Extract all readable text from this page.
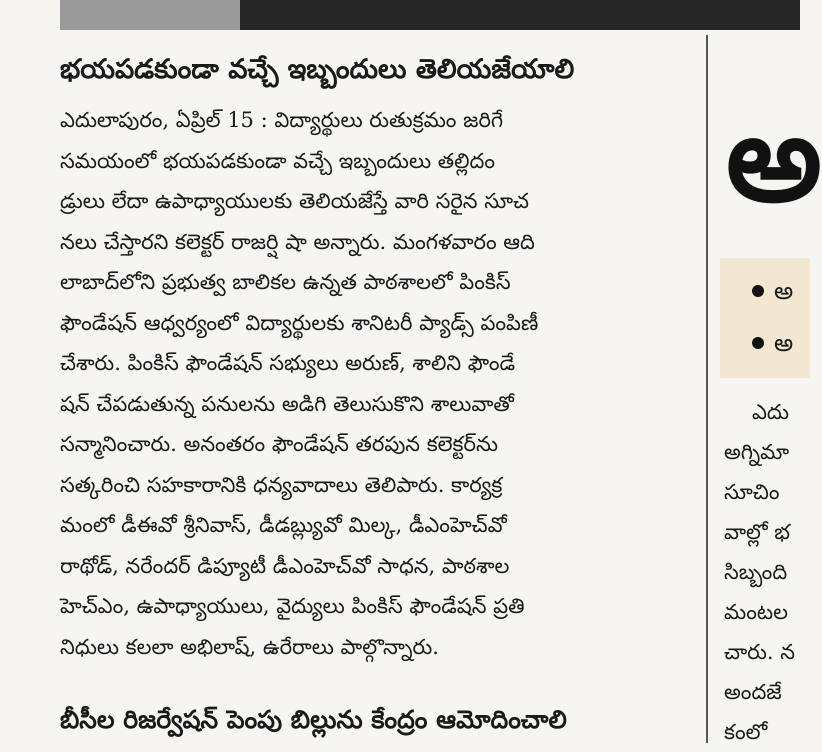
భయపడకుండా వచ్చే ఇబ్బందులు తెలియజేయాలి
ఎదులాపురం, ఏప్రిల్ 15 : విద్యార్థులు రుతుక్రమం జరిగే
సమయంలో భయపడకుండా వచ్చే ఇబ్బందులు తల్లిదం
డ్రులు లేదా ఉపాధ్యాయులకు తెలియజేస్తే వారి సరైన సూచ
నలు చేస్తారని కలెక్టర్ రాజర్షి షా అన్నారు. మంగళవారం ఆది
లాబాద్‌లోని ప్రభుత్వ బాలికల ఉన్నత పాఠశాలలో పింకిస్
ఫౌండేషన్ ఆధ్వర్యంలో విద్యార్థులకు శానిటరీ ప్యాడ్స్ పంపిణీ
చేశారు. పింకిస్ ఫౌండేషన్ సభ్యులు అరుణ్, శాలిని ఫౌండే
షన్ చేపడుతున్న పనులను అడిగి తెలుసుకొని శాలువాతో
సన్మానించారు. అనంతరం ఫౌండేషన్ తరపున కలెక్టర్‌ను
సత్కరించి సహకారానికి ధన్యవాదాలు తెలిపారు. కార్యక్ర
మంలో డీఈవో శ్రీనివాస్, డీడబ్ల్యువో మిల్క, డీఎంహెచ్‌వో
రాథోడ్, నరేందర్ డిప్యూటీ డీఎంహెచ్‌వో సాధన, పాఠశాల
హెచ్‌ఎం, ఉపాధ్యాయులు, వైద్యులు పింకిస్ ఫౌండేషన్ ప్రతి
నిధులు కలలా అభిలాష్, ఉరేరాలు పాల్గొన్నారు.
బీసీల రిజర్వేషన్ పెంపు బిల్లును కేంద్రం ఆమోదించాలి
అ
అ
అ
ఎదు
అగ్నిమా
సూచిం
వాల్లో భ
సిబ్బంది
మంటల
చారు. న
అందజే
కంలో
